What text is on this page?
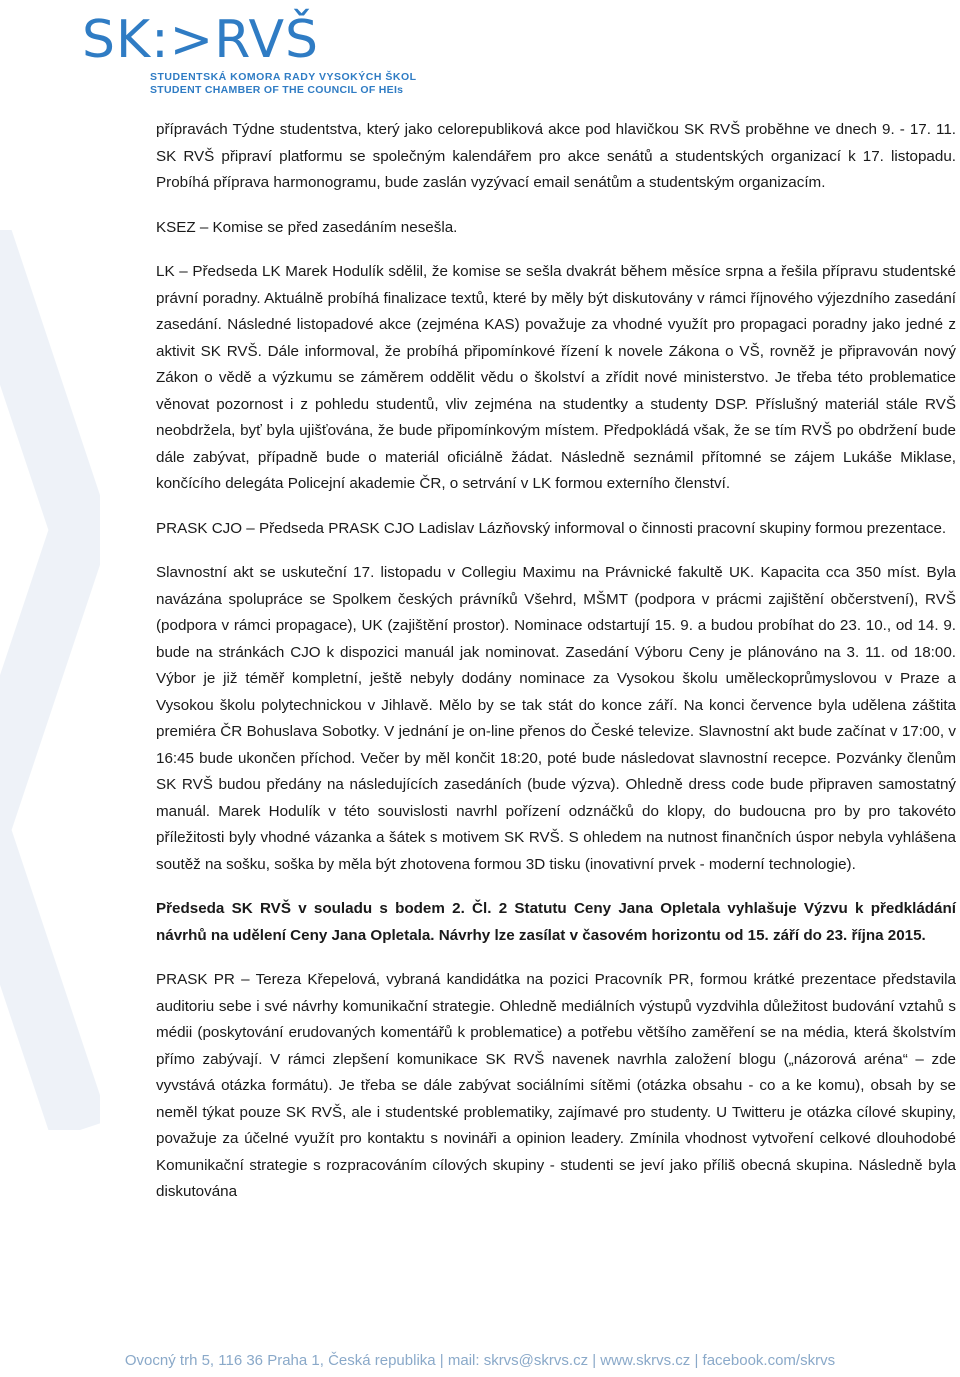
SK:>RVŠ
STUDENTSKÁ KOMORA RADY VYSOKÝCH ŠKOL
STUDENT CHAMBER OF THE COUNCIL OF HEIs

přípravách Týdne studentstva, který jako celorepubliková akce pod hlavičkou SK RVŠ proběhne ve dnech 9. - 17. 11. SK RVŠ připraví platformu se společným kalendářem pro akce senátů a studentských organizací k 17. listopadu. Probíhá příprava harmonogramu, bude zaslán vyzývací email senátům a studentským organizacím.

KSEZ – Komise se před zasedáním nesešla.

LK – Předseda LK Marek Hodulík sdělil, že komise se sešla dvakrát během měsíce srpna a řešila přípravu studentské právní poradny. Aktuálně probíhá finalizace textů, které by měly být diskutovány v rámci říjnového výjezdního zasedání zasedání. Následné listopadové akce (zejména KAS) považuje za vhodné využít pro propagaci poradny jako jedné z aktivit SK RVŠ. Dále informoval, že probíhá připomínkové řízení k novele Zákona o VŠ, rovněž je připravován nový Zákon o vědě a výzkumu se záměrem oddělit vědu o školství a zřídit nové ministerstvo. Je třeba této problematice věnovat pozornost i z pohledu studentů, vliv zejména na studentky a studenty DSP. Příslušný materiál stále RVŠ neobdržela, byť byla ujišťována, že bude připomínkovým místem. Předpokládá však, že se tím RVŠ po obdržení bude dále zabývat, případně bude o materiál oficiálně žádat. Následně seznámil přítomné se zájem Lukáše Miklase, končícího delegáta Policejní akademie ČR, o setrvání v LK formou externího členství.

PRASK CJO – Předseda PRASK CJO Ladislav Lázňovský informoval o činnosti pracovní skupiny formou prezentace.

Slavnostní akt se uskuteční 17. listopadu v Collegiu Maximu na Právnické fakultě UK. Kapacita cca 350 míst. Byla navázána spolupráce se Spolkem českých právníků Všehrd, MŠMT (podpora v prácmi zajištění občerstvení), RVŠ (podpora v rámci propagace), UK (zajištění prostor). Nominace odstartují 15. 9. a budou probíhat do 23. 10., od 14. 9. bude na stránkách CJO k dispozici manuál jak nominovat. Zasedání Výboru Ceny je plánováno na 3. 11. od 18:00. Výbor je již téměř kompletní, ještě nebyly dodány nominace za Vysokou školu uměleckoprůmyslovou v Praze a Vysokou školu polytechnickou v Jihlavě. Mělo by se tak stát do konce září. Na konci července byla udělena záštita premiéra ČR Bohuslava Sobotky. V jednání je on-line přenos do České televize. Slavnostní akt bude začínat v 17:00, v 16:45 bude ukončen příchod. Večer by měl končit 18:20, poté bude následovat slavnostní recepce. Pozvánky členům SK RVŠ budou předány na následujících zasedáních (bude výzva). Ohledně dress code bude připraven samostatný manuál. Marek Hodulík v této souvislosti navrhl pořízení odznáčků do klopy, do budoucna pro by pro takovéto příležitosti byly vhodné vázanka a šátek s motivem SK RVŠ. S ohledem na nutnost finančních úspor nebyla vyhlášena soutěž na sošku, soška by měla být zhotovena formou 3D tisku (inovativní prvek - moderní technologie).

Předseda SK RVŠ v souladu s bodem 2. Čl. 2 Statutu Ceny Jana Opletala vyhlašuje Výzvu k předkládání návrhů na udělení Ceny Jana Opletala. Návrhy lze zasílat v časovém horizontu od 15. září do 23. října 2015.

PRASK PR – Tereza Křepelová, vybraná kandidátka na pozici Pracovník PR, formou krátké prezentace představila auditoriu sebe i své návrhy komunikační strategie. Ohledně mediálních výstupů vyzdvihla důležitost budování vztahů s médii (poskytování erudovaných komentářů k problematice) a potřebu většího zaměření se na média, která školstvím přímo zabývají. V rámci zlepšení komunikace SK RVŠ navenek navrhla založení blogu („názorová aréna“ – zde vyvstává otázka formátu). Je třeba se dále zabývat sociálními sítěmi (otázka obsahu - co a ke komu), obsah by se neměl týkat pouze SK RVŠ, ale i studentské problematiky, zajímavé pro studenty. U Twitteru je otázka cílové skupiny, považuje za účelné využít pro kontaktu s novináři a opinion leadery. Zmínila vhodnost vytvoření celkové dlouhodobé Komunikační strategie s rozpracováním cílových skupiny - studenti se jeví jako příliš obecná skupina. Následně byla diskutována

Ovocný trh 5, 116 36 Praha 1, Česká republika | mail: skrvs@skrvs.cz | www.skrvs.cz | facebook.com/skrvs
